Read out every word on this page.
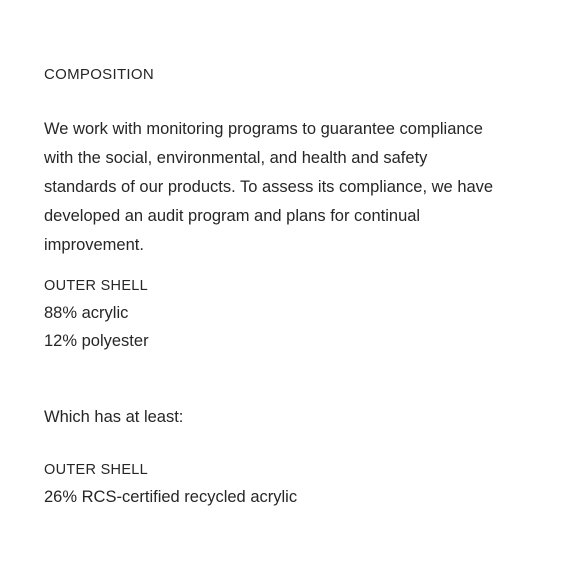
COMPOSITION

We work with monitoring programs to guarantee compliance
with the social, environmental, and health and safety
standards of our products. To assess its compliance, we have
developed an audit program and plans for continual
improvement.

OUTER SHELL
88% acrylic
12% polyester

Which has at least:

OUTER SHELL
26% RCS-certified recycled acrylic
